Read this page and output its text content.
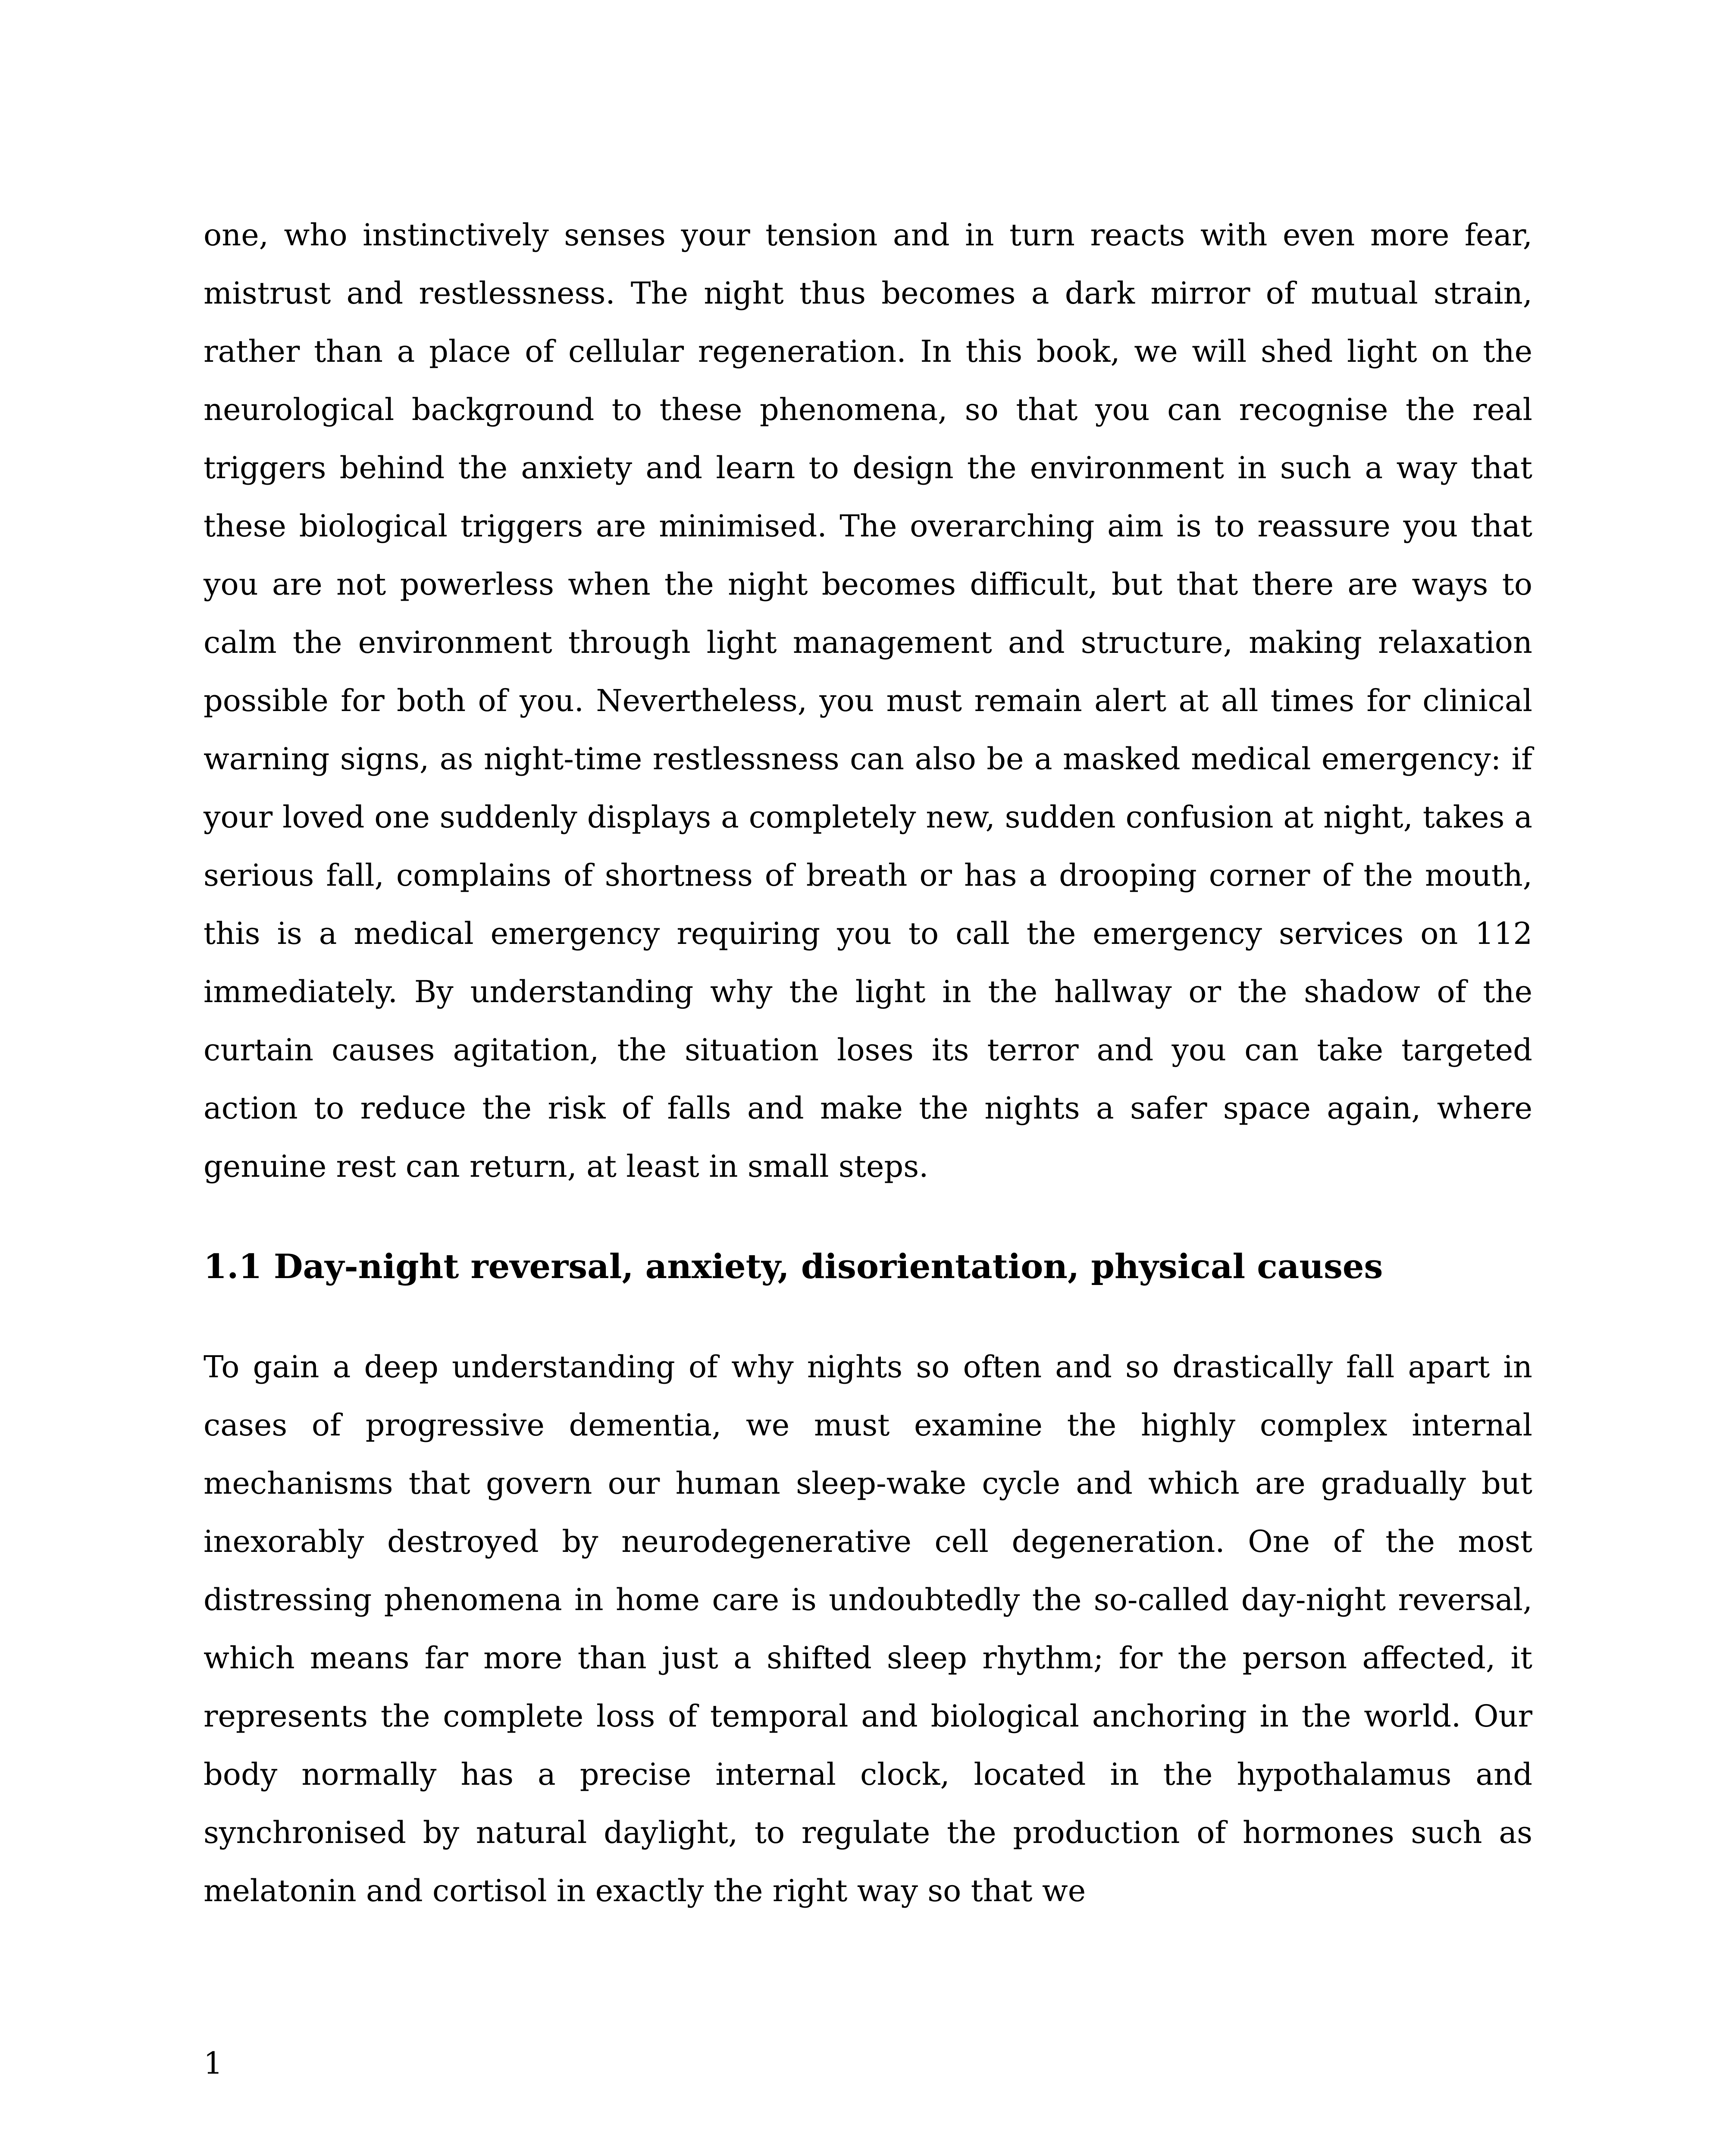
one, who instinctively senses your tension and in turn reacts with even more fear, mistrust and restlessness. The night thus becomes a dark mirror of mutual strain, rather than a place of cellular regeneration. In this book, we will shed light on the neurological background to these phenomena, so that you can recognise the real triggers behind the anxiety and learn to design the environment in such a way that these biological triggers are minimised. The overarching aim is to reassure you that you are not powerless when the night becomes difficult, but that there are ways to calm the environment through light management and structure, making relaxation possible for both of you. Nevertheless, you must remain alert at all times for clinical warning signs, as night-time restlessness can also be a masked medical emergency: if your loved one suddenly displays a completely new, sudden confusion at night, takes a serious fall, complains of shortness of breath or has a drooping corner of the mouth, this is a medical emergency requiring you to call the emergency services on 112 immediately. By understanding why the light in the hallway or the shadow of the curtain causes agitation, the situation loses its terror and you can take targeted action to reduce the risk of falls and make the nights a safer space again, where genuine rest can return, at least in small steps.

1.1 Day-night reversal, anxiety, disorientation, physical causes

To gain a deep understanding of why nights so often and so drastically fall apart in cases of progressive dementia, we must examine the highly complex internal mechanisms that govern our human sleep-wake cycle and which are gradually but inexorably destroyed by neurodegenerative cell degeneration. One of the most distressing phenomena in home care is undoubtedly the so-called day-night reversal, which means far more than just a shifted sleep rhythm; for the person affected, it represents the complete loss of temporal and biological anchoring in the world. Our body normally has a precise internal clock, located in the hypothalamus and synchronised by natural daylight, to regulate the production of hormones such as melatonin and cortisol in exactly the right way so that we

1
